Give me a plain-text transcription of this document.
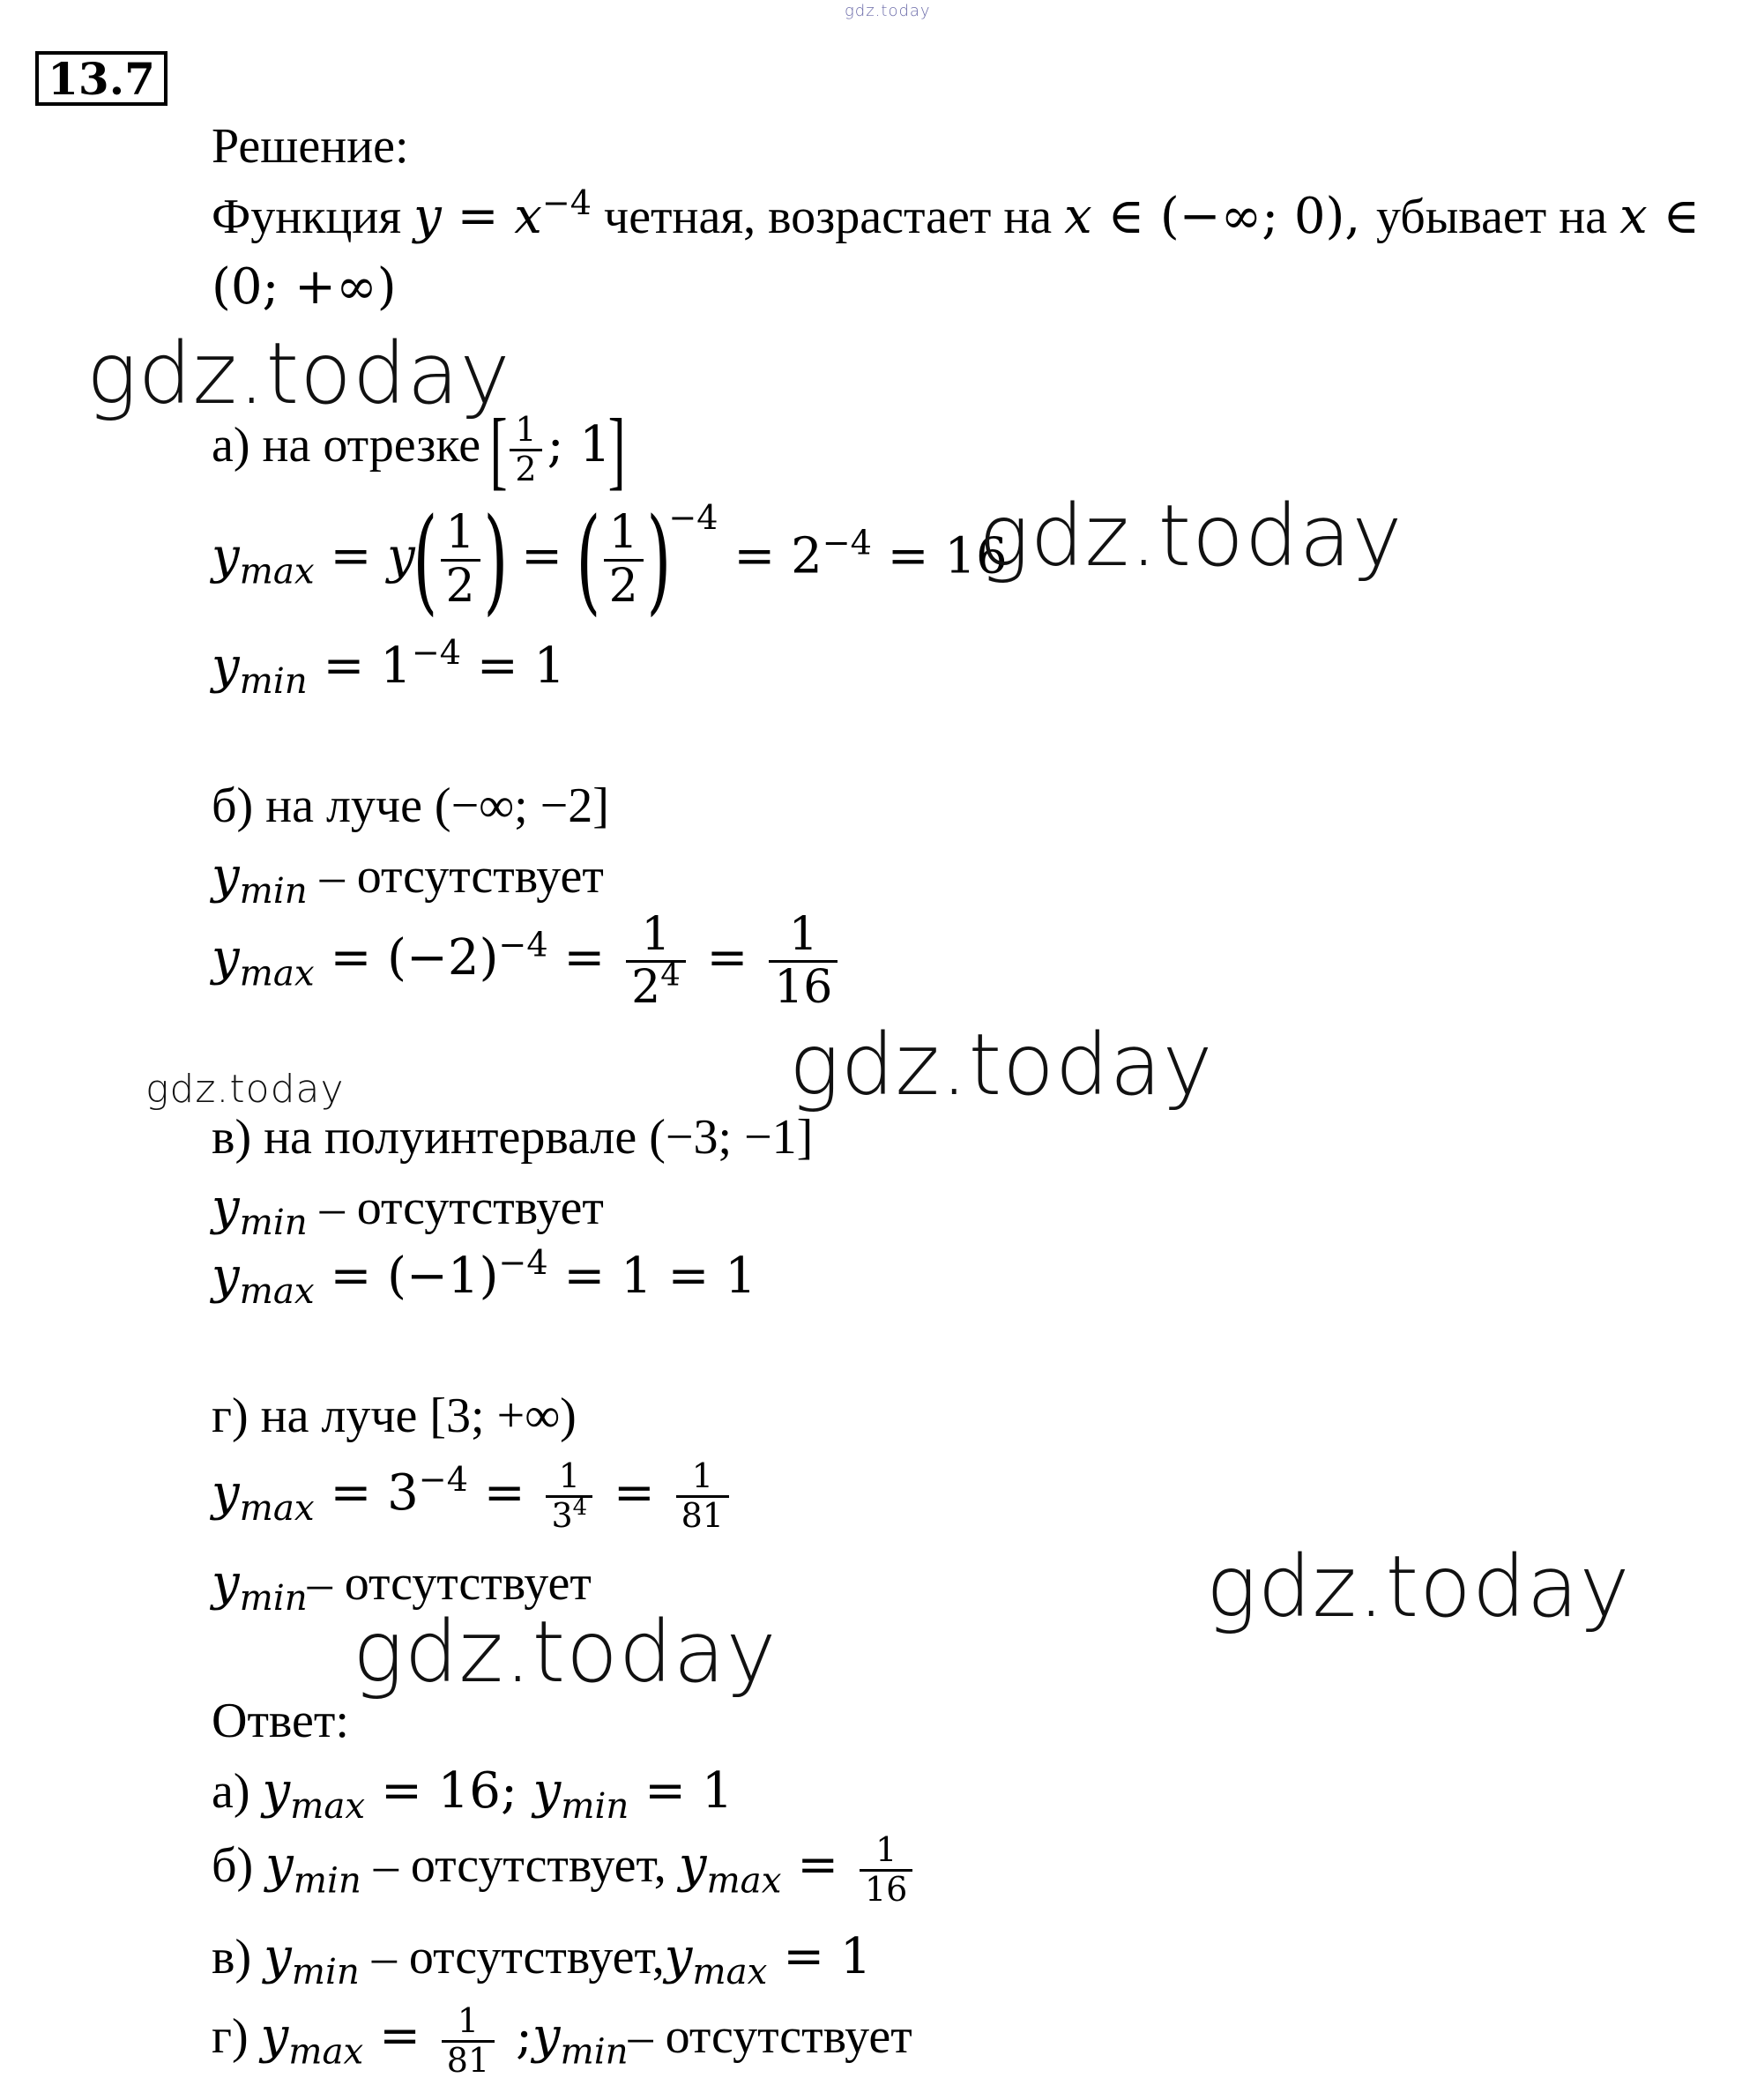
gdz.today
13.7
Решение:
Функция $y = x^{-4}$ четная, возрастает на x ∈ (−∞; 0), убывает на x ∈
(0; +∞)
gdz.today
а) на отрезке [ $\frac{1}{2}$ ; 1]
$y_{max} = y( \frac{1}{2}$ ) = ( $\frac{1}{2} )^{-4} = 2^{-4} = 16$
gdz.today
$y_{min} = 1^{-4} = 1$
б) на луче (−∞; −2]
$y_{min}$ – отсутствует
$y_{max} = (-2)^{-4} = \frac{1}{2^4} = \frac{1}{16}$
gdz.today
gdz.today
в) на полуинтервале (−3; −1]
$y_{min}$ – отсутствует
$y_{max} = (-1)^{-4} = 1 = 1$
г) на луче [3; +∞)
$y_{max} = 3^{-4} = \frac{1}{3^4} = \frac{1}{81}$
$y_{min}-$ отсутствует	gdz.today
gdz.today
Ответ:
а) $y_{max} = 16$; $y_{min} = 1$
б) $y_{min}$ – отсутствует, $y_{max} = \frac{1}{16}$
в) $y_{min}$ – $отсутствует,y_{max} = 1$
г) $y_{max} = \frac{1}{81}$ $;y_{min}-$ отсутствует
